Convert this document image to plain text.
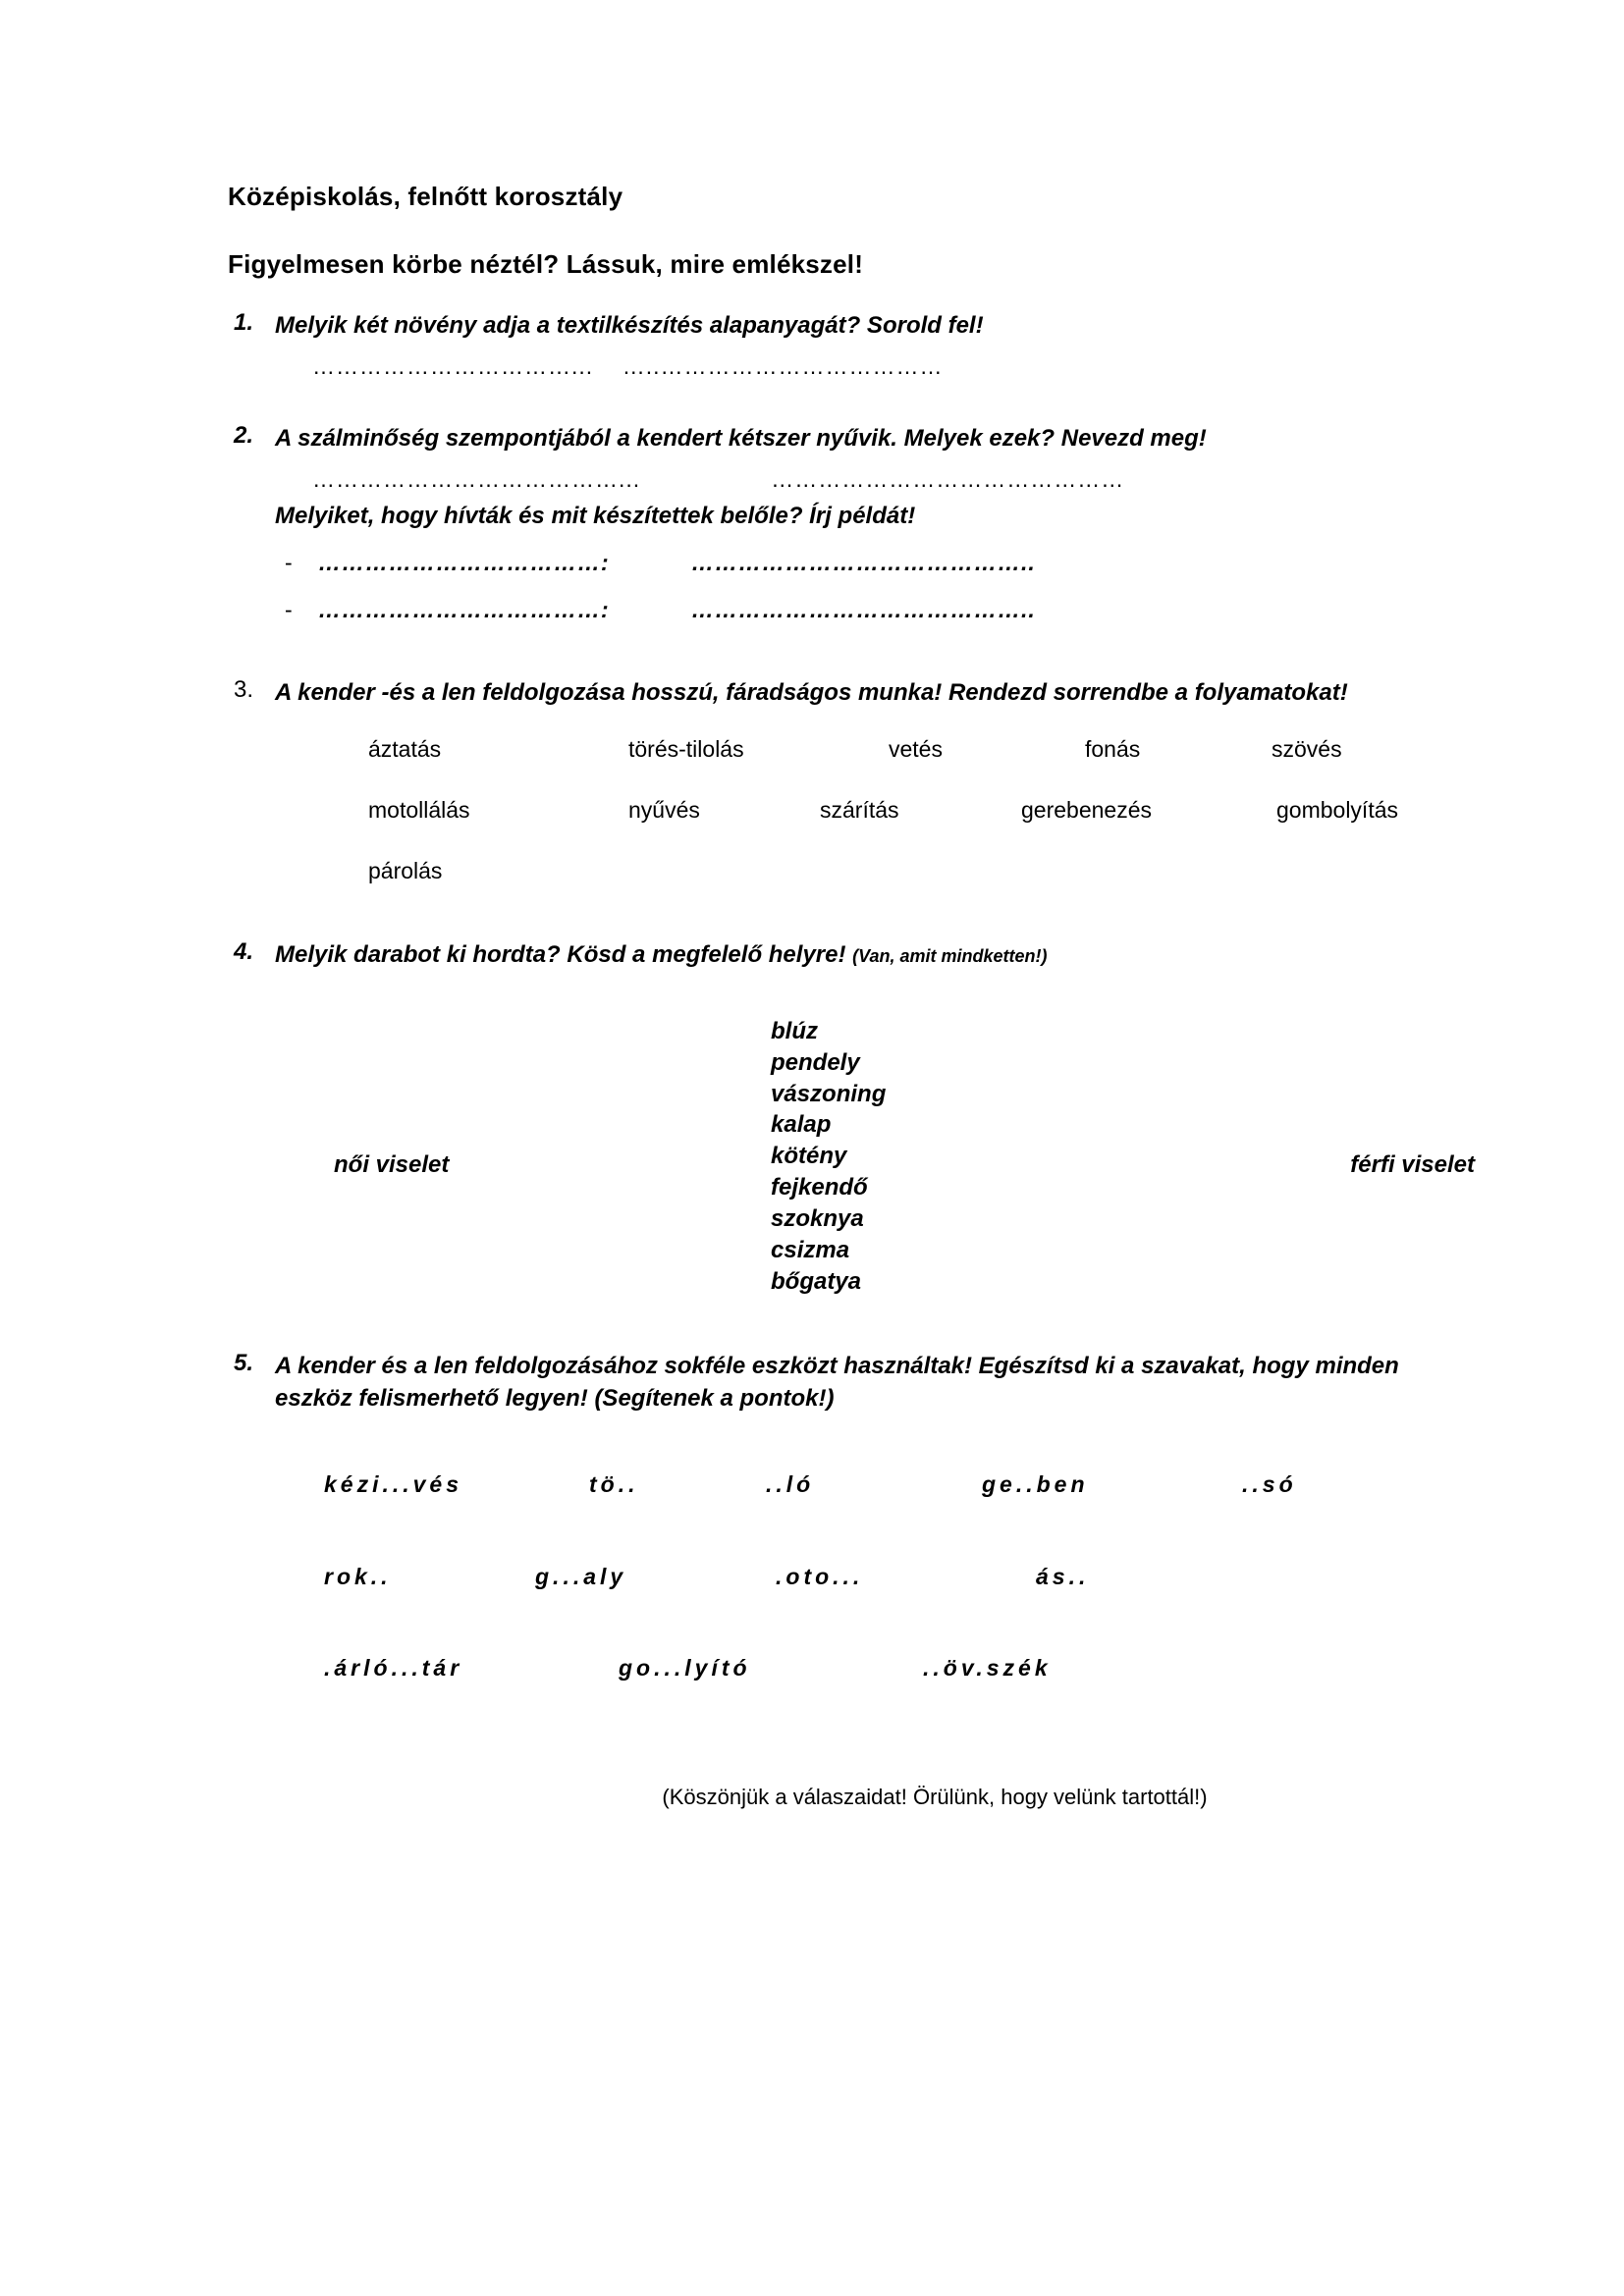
Középiskolás, felnőtt korosztály
Figyelmesen körbe néztél? Lássuk, mire emlékszel!
1. Melyik két növény adja a textilkészítés alapanyagát? Sorold fel!
……………………………...    …..………………………………
2. A szálminőség szempontjából a kendert kétszer nyűvik. Melyek ezek? Nevezd meg!
…………………………………...                  ………………………………………
Melyiket, hogy hívták és mit készítettek belőle? Írj példát!
-	………………………………:	……………………………………..
-	………………………………:	……………………………………..
3. A kender -és a len feldolgozása hosszú, fáradságos munka! Rendezd sorrendbe a folyamatokat!
áztatás	törés-tilolás	vetés	fonás	szövés
motollálás	nyűvés	szárítás	gerebenezés	gombolyítás
párolás
4. Melyik darabot ki hordta? Kösd a megfelelő helyre! (Van, amit mindketten!)
női viselet	férfi viselet
blúz
pendely
vászoning
kalap
kötény
fejkendő
szoknya
csizma
bőgatya
5. A kender és a len feldolgozásához sokféle eszközt használtak! Egészítsd ki a szavakat, hogy minden eszköz felismerhető legyen! (Segítenek a pontok!)
kézi...vés	tö..	..ló	ge..ben	..só
rok..	g...aly	.oto...	ás..
.árló...tár	go...lyító	..öv.szék
(Köszönjük a válaszaidat! Örülünk, hogy velünk tartottál!)
